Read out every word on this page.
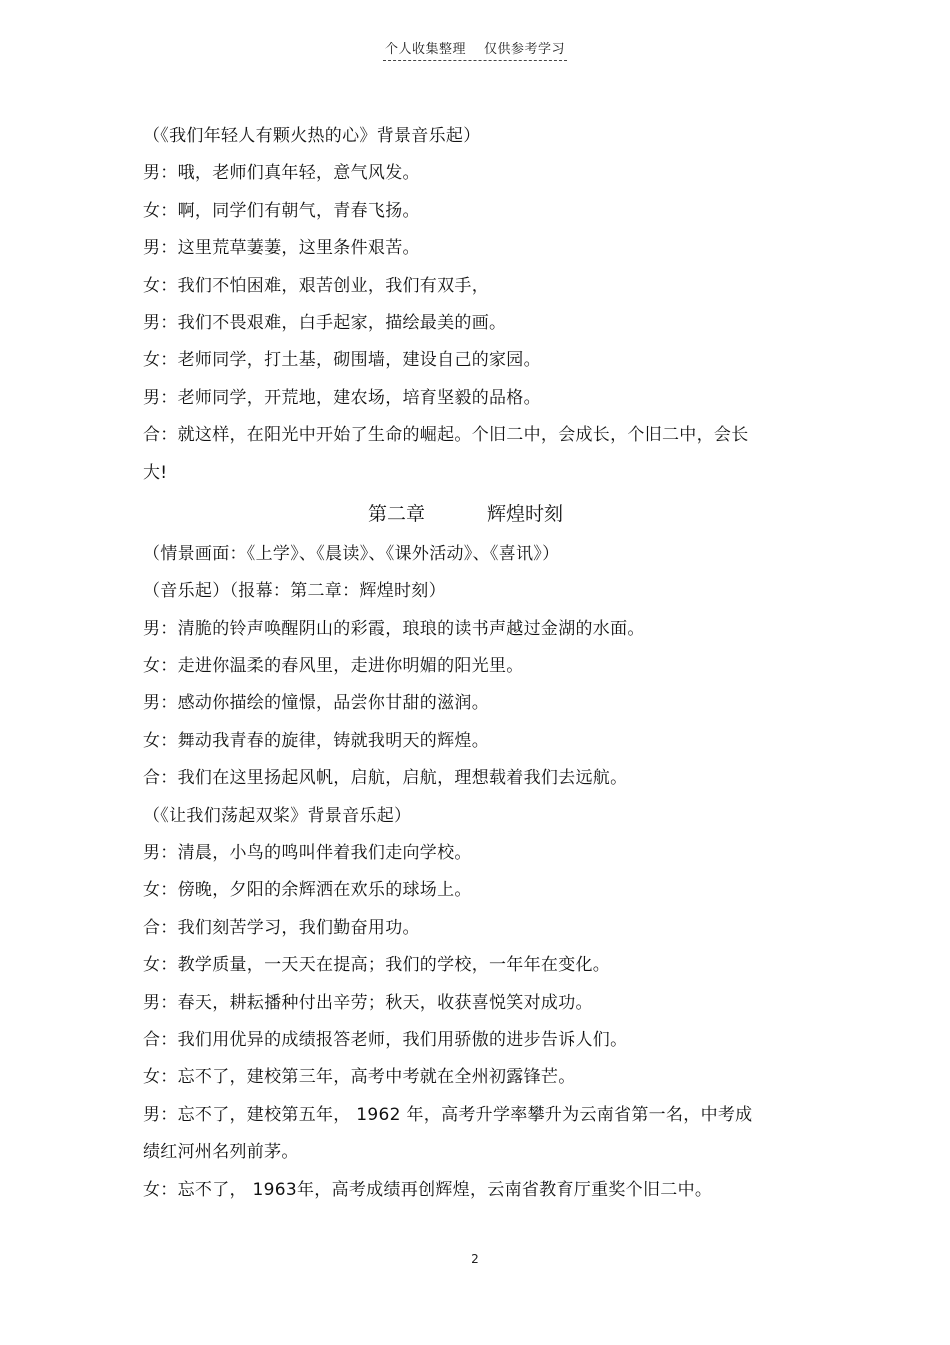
个人收集整理 仅供参考学习
（《我们年轻人有颗火热的心》背景音乐起）
男：哦，老师们真年轻，意气风发。
女：啊，同学们有朝气，青春飞扬。
男：这里荒草萋萋，这里条件艰苦。
女：我们不怕困难，艰苦创业，我们有双手，
男：我们不畏艰难，白手起家，描绘最美的画。
女：老师同学，打土基，砌围墙，建设自己的家园。
男：老师同学，开荒地，建农场，培育坚毅的品格。
合：就这样，在阳光中开始了生命的崛起。个旧二中，会成长，个旧二中，会长
大!
第二章	辉煌时刻
（情景画面：《上学》、《晨读》、《课外活动》、《喜讯》）
（音乐起）（报幕：第二章：辉煌时刻）
男：清脆的铃声唤醒阴山的彩霞，琅琅的读书声越过金湖的水面。
女：走进你温柔的春风里，走进你明媚的阳光里。
男：感动你描绘的憧憬，品尝你甘甜的滋润。
女：舞动我青春的旋律，铸就我明天的辉煌。
合：我们在这里扬起风帆，启航，启航，理想载着我们去远航。
（《让我们荡起双桨》背景音乐起）
男：清晨，小鸟的鸣叫伴着我们走向学校。
女：傍晚，夕阳的余辉洒在欢乐的球场上。
合：我们刻苦学习，我们勤奋用功。
女：教学质量，一天天在提高；我们的学校，一年年在变化。
男：春天，耕耘播种付出辛劳；秋天，收获喜悦笑对成功。
合：我们用优异的成绩报答老师，我们用骄傲的进步告诉人们。
女：忘不了，建校第三年，高考中考就在全州初露锋芒。
男：忘不了，建校第五年， 1962 年，高考升学率攀升为云南省第一名，中考成
绩红河州名列前茅。
女：忘不了， 1963年，高考成绩再创辉煌，云南省教育厅重奖个旧二中。
2
